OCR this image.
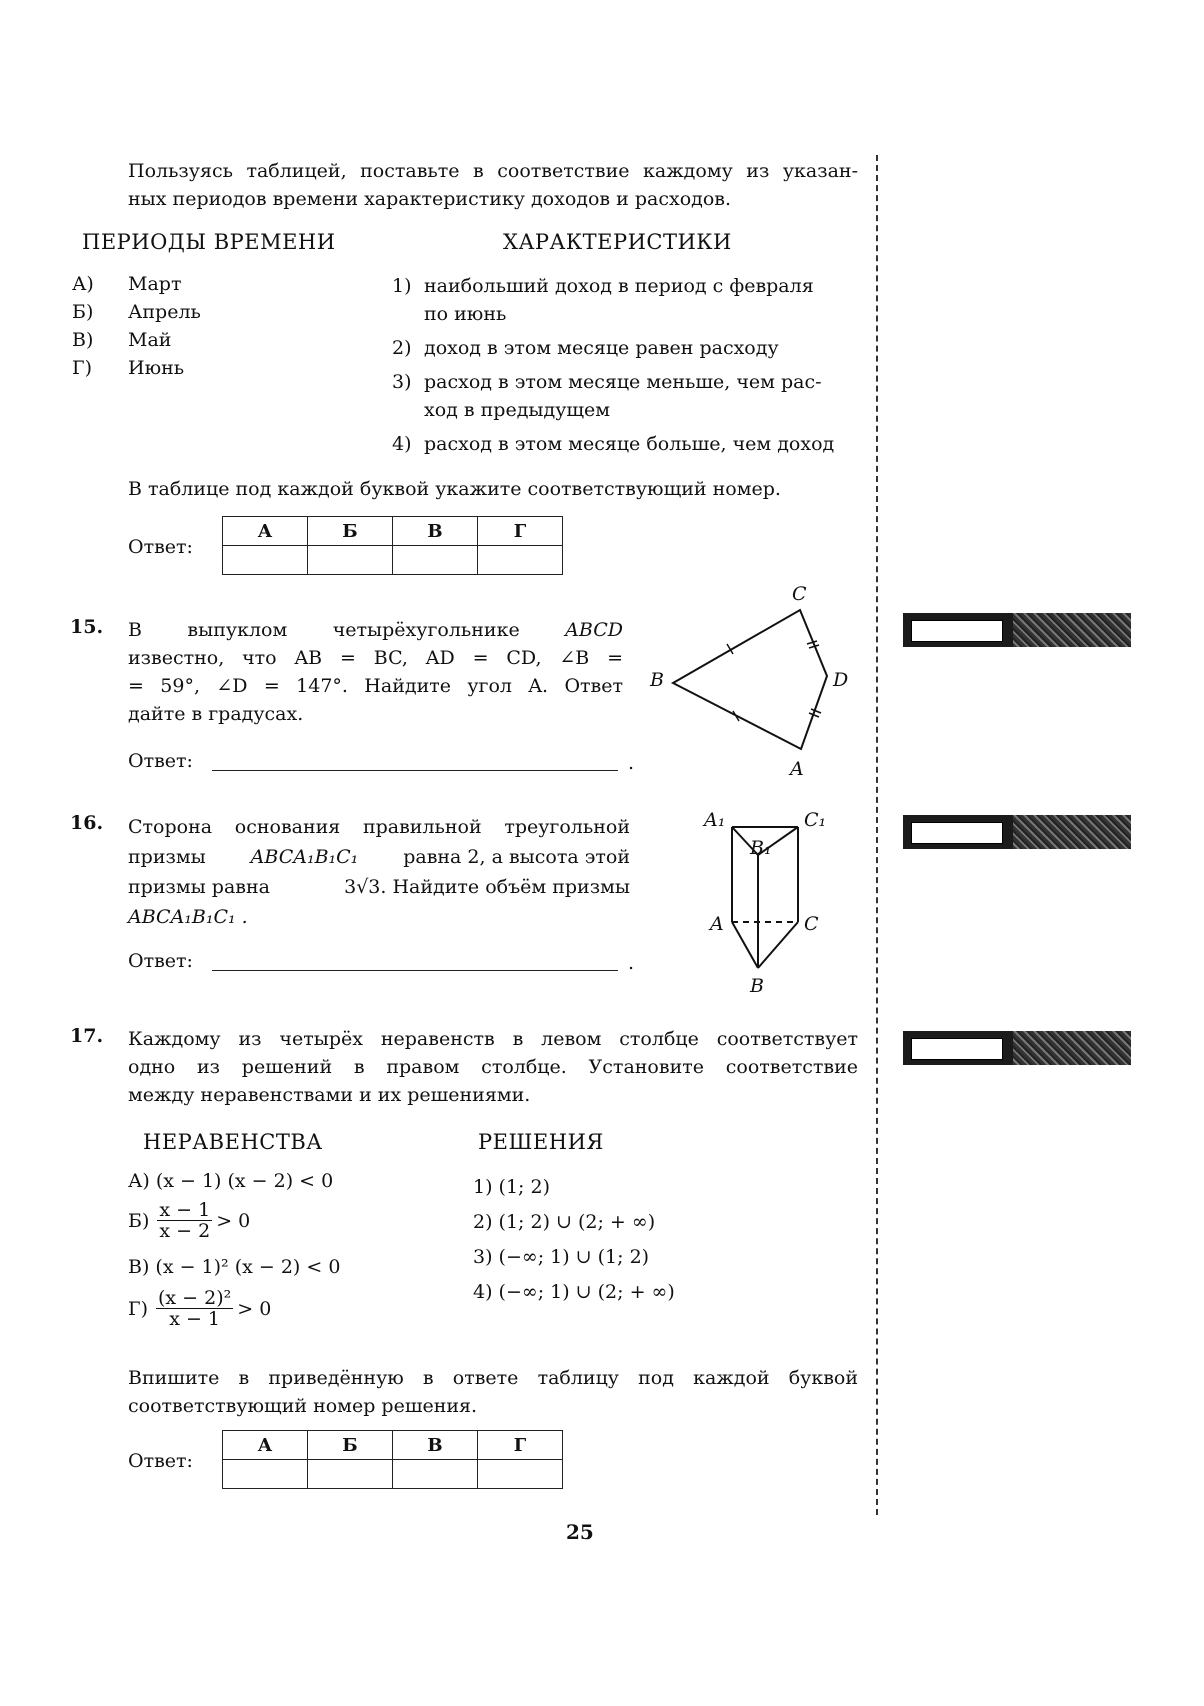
Пользуясь таблицей, поставьте в соответствие каждому из указан-
ных периодов времени характеристику доходов и расходов.
ПЕРИОДЫ ВРЕМЕНИ	ХАРАКТЕРИСТИКИ
А) Март
Б) Апрель
В) Май
Г) Июнь
1) наибольший доход в период с февраля
по июнь
2) доход в этом месяце равен расходу
3) расход в этом месяце меньше, чем рас-
ход в предыдущем
4) расход в этом месяце больше, чем доход
В таблице под каждой буквой укажите соответствующий номер.
Ответ:
А	Б	В	Г

15. В выпуклом четырёхугольнике ABCD
известно, что AB = BC, AD = CD, ∠B =
= 59°, ∠D = 147°. Найдите угол A. Ответ
дайте в градусах.
C
B	D
A
Ответ:	.
16. Сторона основания правильной треугольной
призмы ABCA₁B₁C₁ равна 2, а высота этой
призмы равна	3√3. Найдите объём призмы
ABCA₁B₁C₁ .
A₁	C₁
B₁
A	C
B
Ответ:	.
17. Каждому из четырёх неравенств в левом столбце соответствует
одно из решений в правом столбце. Установите соответствие
между неравенствами и их решениями.
НЕРАВЕНСТВА	РЕШЕНИЯ
А) (x − 1) (x − 2) < 0
$Б) \frac{x - 1}{x - 2} > 0$
В) (x − 1)² (x − 2) < 0
$Г) \frac{\text{(x − 2)²}}{x - 1} > 0$
1) (1; 2)
2) (1; 2) ∪ (2; + ∞)
3) (−∞; 1) ∪ (1; 2)
4) (−∞; 1) ∪ (2; + ∞)
Впишите в приведённую в ответе таблицу под каждой буквой
соответствующий номер решения.
Ответ:
А	Б	В	Г

25
